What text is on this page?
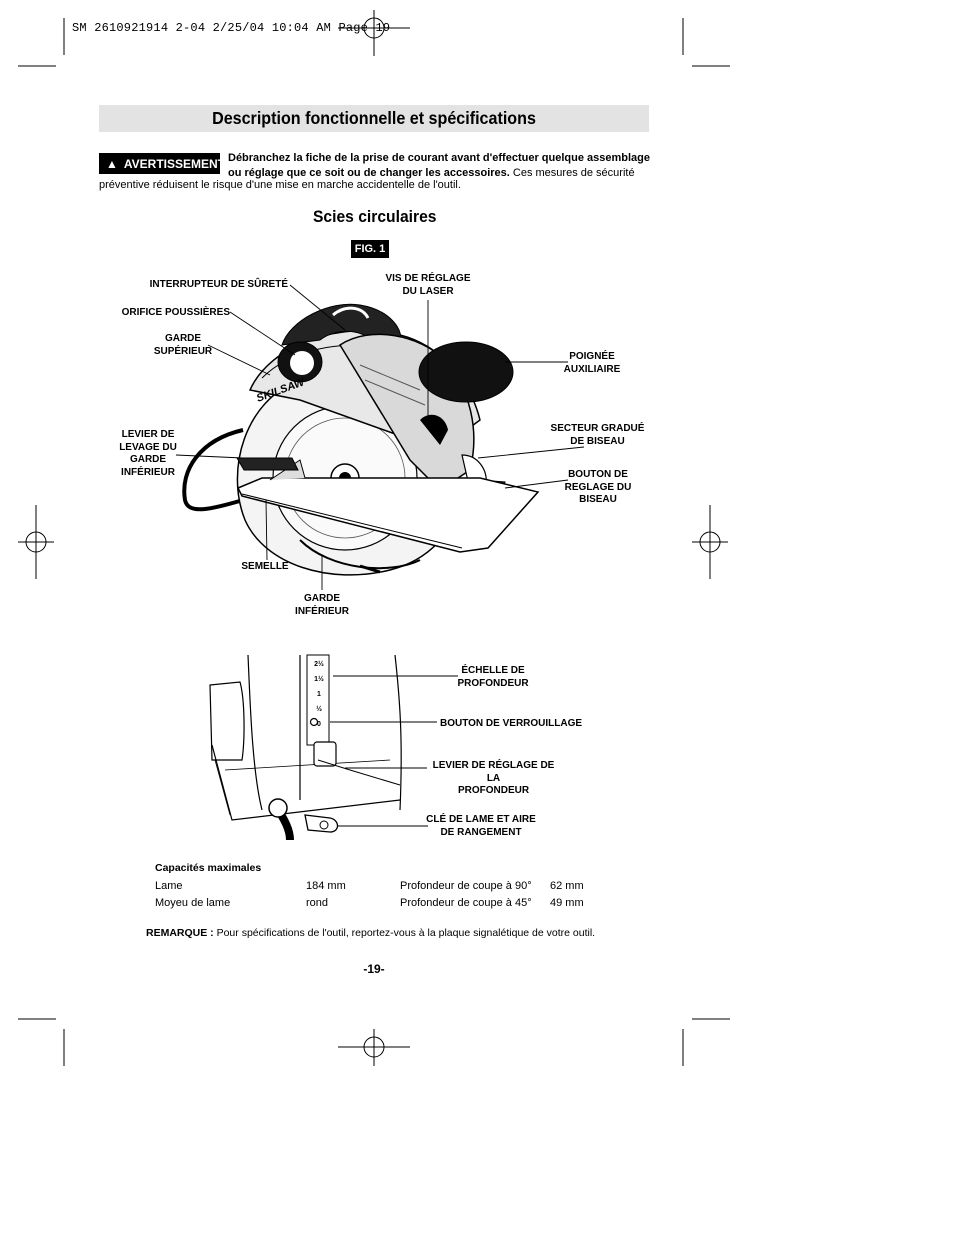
SKILSAW
SM 2610921914 2-04 2/25/04 10:04 AM Page 19
Description fonctionnelle et spécifications
▲ AVERTISSEMENT Débranchez la fiche de la prise de courant avant d'effectuer quelque assemblage ou réglage que ce soit ou de changer les accessoires. Ces mesures de sécurité
préventive réduisent le risque d'une mise en marche accidentelle de l'outil.
Scies circulaires
FIG. 1
INTERRUPTEUR DE SÛRETÉ
ORIFICE POUSSIÈRES
GARDE
SUPÉRIEUR
LEVIER DE
LEVAGE DU
GARDE
INFÉRIEUR
SEMELLE
GARDE
INFÉRIEUR
VIS DE RÉGLAGE
DU LASER
POIGNÉE
AUXILIAIRE
SECTEUR GRADUÉ
DE BISEAU
BOUTON DE
REGLAGE DU
BISEAU
2½
1½
1
½
0
ÉCHELLE DE
PROFONDEUR
BOUTON DE VERROUILLAGE
LEVIER DE RÉGLAGE DE LA
PROFONDEUR
CLÉ DE LAME ET AIRE
DE RANGEMENT
Capacités maximales
Lame	184 mm	Profondeur de coupe à 90° 62 mm
Moyeu de lame	rond	Profondeur de coupe à 45° 49 mm
REMARQUE : Pour spécifications de l'outil, reportez-vous à la plaque signalétique de votre outil.
-19-
